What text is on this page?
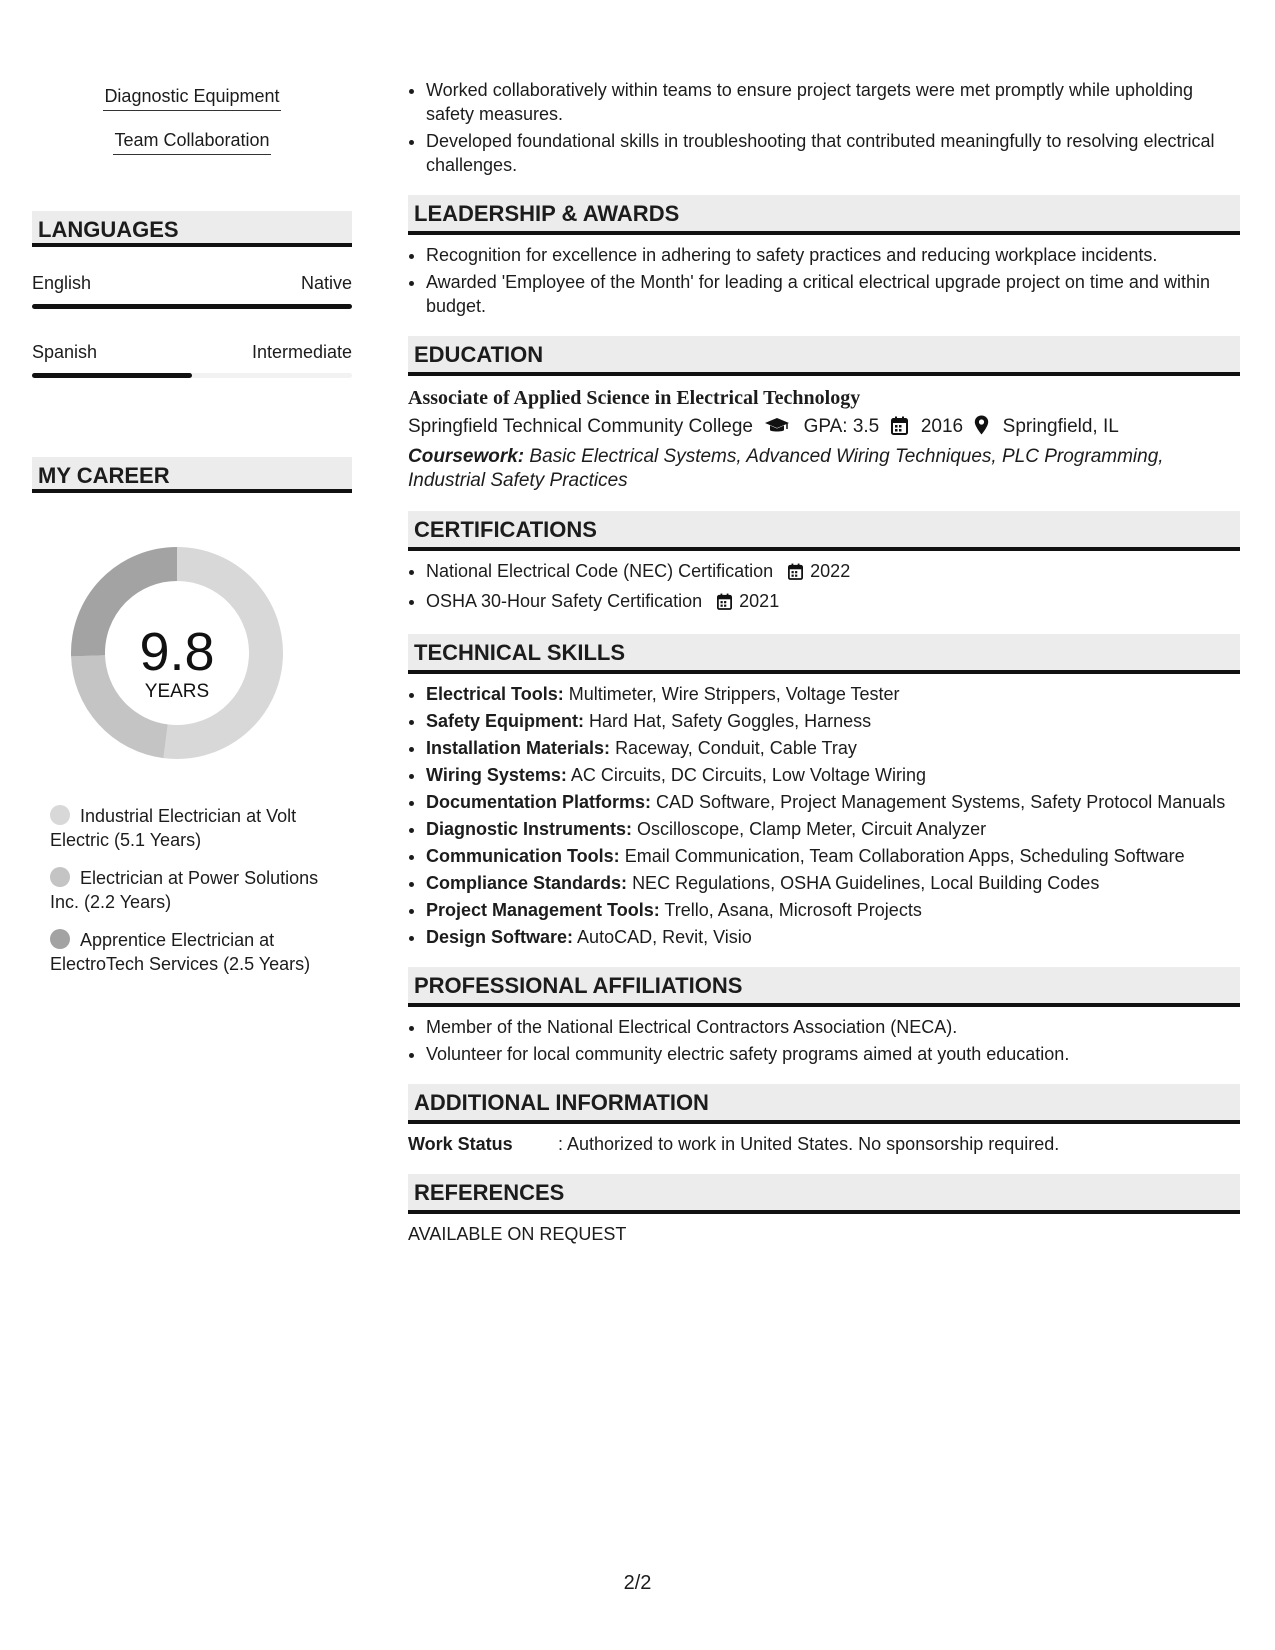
Diagnostic Equipment
Team Collaboration
LANGUAGES
English	Native
Spanish	Intermediate
MY CAREER
9.8
YEARS
Industrial Electrician at Volt Electric (5.1 Years)
Electrician at Power Solutions Inc. (2.2 Years)
Apprentice Electrician at ElectroTech Services (2.5 Years)
• Worked collaboratively within teams to ensure project targets were met promptly while upholding safety measures.
• Developed foundational skills in troubleshooting that contributed meaningfully to resolving electrical challenges.
LEADERSHIP & AWARDS
• Recognition for excellence in adhering to safety practices and reducing workplace incidents.
• Awarded 'Employee of the Month' for leading a critical electrical upgrade project on time and within budget.
EDUCATION
Associate of Applied Science in Electrical Technology
Springfield Technical Community College	GPA: 3.5 2016 Springfield, IL
Coursework: Basic Electrical Systems, Advanced Wiring Techniques, PLC Programming, Industrial Safety Practices
CERTIFICATIONS
• National Electrical Code (NEC) Certification 2022
• OSHA 30-Hour Safety Certification 2021
TECHNICAL SKILLS
• Electrical Tools: Multimeter, Wire Strippers, Voltage Tester
• Safety Equipment: Hard Hat, Safety Goggles, Harness
• Installation Materials: Raceway, Conduit, Cable Tray
• Wiring Systems: AC Circuits, DC Circuits, Low Voltage Wiring
• Documentation Platforms: CAD Software, Project Management Systems, Safety Protocol Manuals
• Diagnostic Instruments: Oscilloscope, Clamp Meter, Circuit Analyzer
• Communication Tools: Email Communication, Team Collaboration Apps, Scheduling Software
• Compliance Standards: NEC Regulations, OSHA Guidelines, Local Building Codes
• Project Management Tools: Trello, Asana, Microsoft Projects
• Design Software: AutoCAD, Revit, Visio
PROFESSIONAL AFFILIATIONS
• Member of the National Electrical Contractors Association (NECA).
• Volunteer for local community electric safety programs aimed at youth education.
ADDITIONAL INFORMATION
Work Status	: Authorized to work in United States. No sponsorship required.
REFERENCES
AVAILABLE ON REQUEST
2/2
